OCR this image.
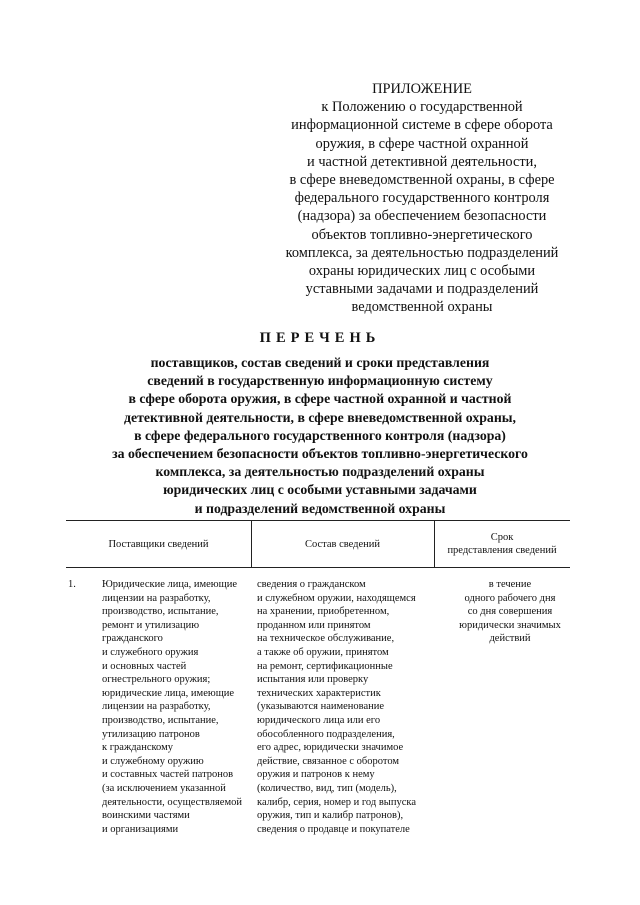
ПРИЛОЖЕНИЕ
к Положению о государственной
информационной системе в сфере оборота
оружия, в сфере частной охранной
и частной детективной деятельности,
в сфере вневедомственной охраны, в сфере
федерального государственного контроля
(надзора) за обеспечением безопасности
объектов топливно-энергетического
комплекса, за деятельностью подразделений
охраны юридических лиц с особыми
уставными задачами и подразделений
ведомственной охраны
ПЕРЕЧЕНЬ
поставщиков, состав сведений и сроки представления
сведений в государственную информационную систему
в сфере оборота оружия, в сфере частной охранной и частной
детективной деятельности, в сфере вневедомственной охраны,
в сфере федерального государственного контроля (надзора)
за обеспечением безопасности объектов топливно-энергетического
комплекса, за деятельностью подразделений охраны
юридических лиц с особыми уставными задачами
и подразделений ведомственной охраны
Поставщики сведений	Состав сведений
Срок
представления сведений
1. Юридические лица, имеющие
лицензии на разработку,
производство, испытание,
ремонт и утилизацию
гражданского
и служебного оружия
и основных частей
огнестрельного оружия;
юридические лица, имеющие
лицензии на разработку,
производство, испытание,
утилизацию патронов
к гражданскому
и служебному оружию
и составных частей патронов
(за исключением указанной
деятельности, осуществляемой
воинскими частями
и организациями
сведения о гражданском
и служебном оружии, находящемся
на хранении, приобретенном,
проданном или принятом
на техническое обслуживание,
а также об оружии, принятом
на ремонт, сертификационные
испытания или проверку
технических характеристик
(указываются наименование
юридического лица или его
обособленного подразделения,
его адрес, юридически значимое
действие, связанное с оборотом
оружия и патронов к нему
(количество, вид, тип (модель),
калибр, серия, номер и год выпуска
оружия, тип и калибр патронов),
сведения о продавце и покупателе
в течение
одного рабочего дня
со дня совершения
юридически значимых
действий
